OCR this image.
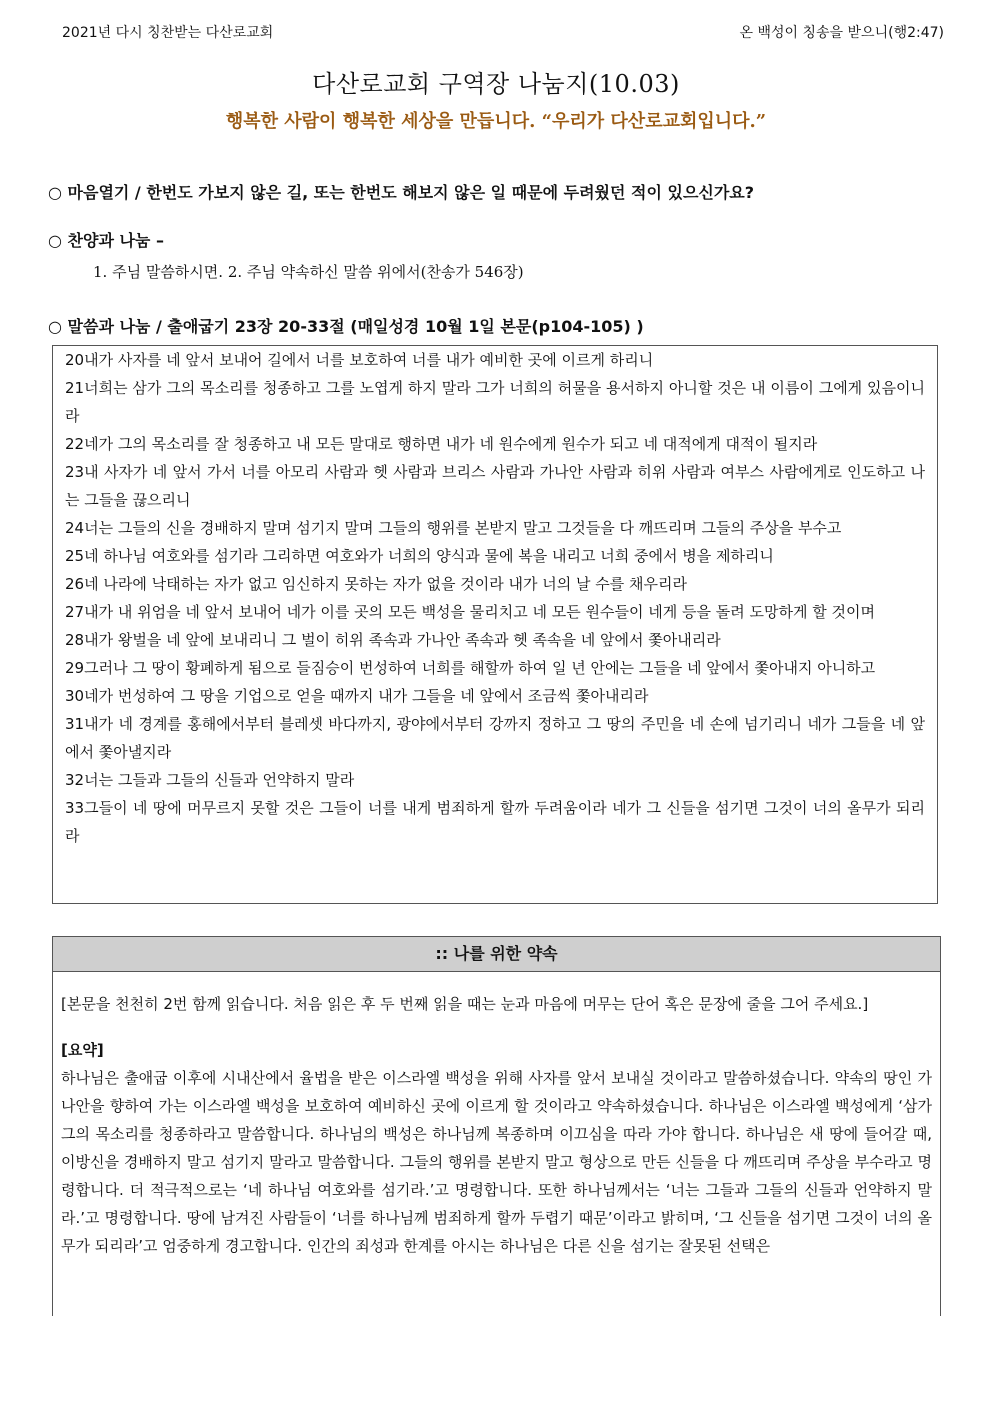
2021년 다시 칭찬받는 다산로교회	온 백성이 칭송을 받으니(행2:47)
다산로교회 구역장 나눔지(10.03)
행복한 사람이 행복한 세상을 만듭니다. “우리가 다산로교회입니다.”
○ 마음열기 / 한번도 가보지 않은 길, 또는 한번도 해보지 않은 일 때문에 두려웠던 적이 있으신가요?
○ 찬양과 나눔 –
1. 주님 말씀하시면. 2. 주님 약속하신 말씀 위에서(찬송가 546장)
○ 말씀과 나눔 / 출애굽기 23장 20-33절 (매일성경 10월 1일 본문(p104-105) )

20내가 사자를 네 앞서 보내어 길에서 너를 보호하여 너를 내가 예비한 곳에 이르게 하리니

21너희는 삼가 그의 목소리를 청종하고 그를 노엽게 하지 말라 그가 너희의 허물을 용서하지 아니할 것은 내 이름이 그에게 있음이니라

22네가 그의 목소리를 잘 청종하고 내 모든 말대로 행하면 내가 네 원수에게 원수가 되고 네 대적에게 대적이 될지라

23내 사자가 네 앞서 가서 너를 아모리 사람과 헷 사람과 브리스 사람과 가나안 사람과 히위 사람과 여부스 사람에게로 인도하고 나는 그들을 끊으리니

24너는 그들의 신을 경배하지 말며 섬기지 말며 그들의 행위를 본받지 말고 그것들을 다 깨뜨리며 그들의 주상을 부수고

25네 하나님 여호와를 섬기라 그리하면 여호와가 너희의 양식과 물에 복을 내리고 너희 중에서 병을 제하리니

26네 나라에 낙태하는 자가 없고 임신하지 못하는 자가 없을 것이라 내가 너의 날 수를 채우리라

27내가 내 위엄을 네 앞서 보내어 네가 이를 곳의 모든 백성을 물리치고 네 모든 원수들이 네게 등을 돌려 도망하게 할 것이며

28내가 왕벌을 네 앞에 보내리니 그 벌이 히위 족속과 가나안 족속과 헷 족속을 네 앞에서 쫓아내리라

29그러나 그 땅이 황폐하게 됨으로 들짐승이 번성하여 너희를 해할까 하여 일 년 안에는 그들을 네 앞에서 쫓아내지 아니하고

30네가 번성하여 그 땅을 기업으로 얻을 때까지 내가 그들을 네 앞에서 조금씩 쫓아내리라

31내가 네 경계를 홍해에서부터 블레셋 바다까지, 광야에서부터 강까지 정하고 그 땅의 주민을 네 손에 넘기리니 네가 그들을 네 앞에서 쫓아낼지라

32너는 그들과 그들의 신들과 언약하지 말라

33그들이 네 땅에 머무르지 못할 것은 그들이 너를 내게 범죄하게 할까 두려움이라 네가 그 신들을 섬기면 그것이 너의 올무가 되리라

:: 나를 위한 약속

[본문을 천천히 2번 함께 읽습니다. 처음 읽은 후 두 번째 읽을 때는 눈과 마음에 머무는 단어 혹은 문장에 줄을 그어 주세요.]

[요약]

하나님은 출애굽 이후에 시내산에서 율법을 받은 이스라엘 백성을 위해 사자를 앞서 보내실 것이라고 말씀하셨습니다. 약속의 땅인 가나안을 향하여 가는 이스라엘 백성을 보호하여 예비하신 곳에 이르게 할 것이라고 약속하셨습니다. 하나님은 이스라엘 백성에게 ‘삼가 그의 목소리를 청종하라고 말씀합니다. 하나님의 백성은 하나님께 복종하며 이끄심을 따라 가야 합니다. 하나님은 새 땅에 들어갈 때, 이방신을 경배하지 말고 섬기지 말라고 말씀합니다. 그들의 행위를 본받지 말고 형상으로 만든 신들을 다 깨뜨리며 주상을 부수라고 명령합니다. 더 적극적으로는 ‘네 하나님 여호와를 섬기라.’고 명령합니다. 또한 하나님께서는 ‘너는 그들과 그들의 신들과 언약하지 말라.’고 명령합니다. 땅에 남겨진 사람들이 ‘너를 하나님께 범죄하게 할까 두렵기 때문’이라고 밝히며, ‘그 신들을 섬기면 그것이 너의 올무가 되리라’고 엄중하게 경고합니다. 인간의 죄성과 한계를 아시는 하나님은 다른 신을 섬기는 잘못된 선택은
